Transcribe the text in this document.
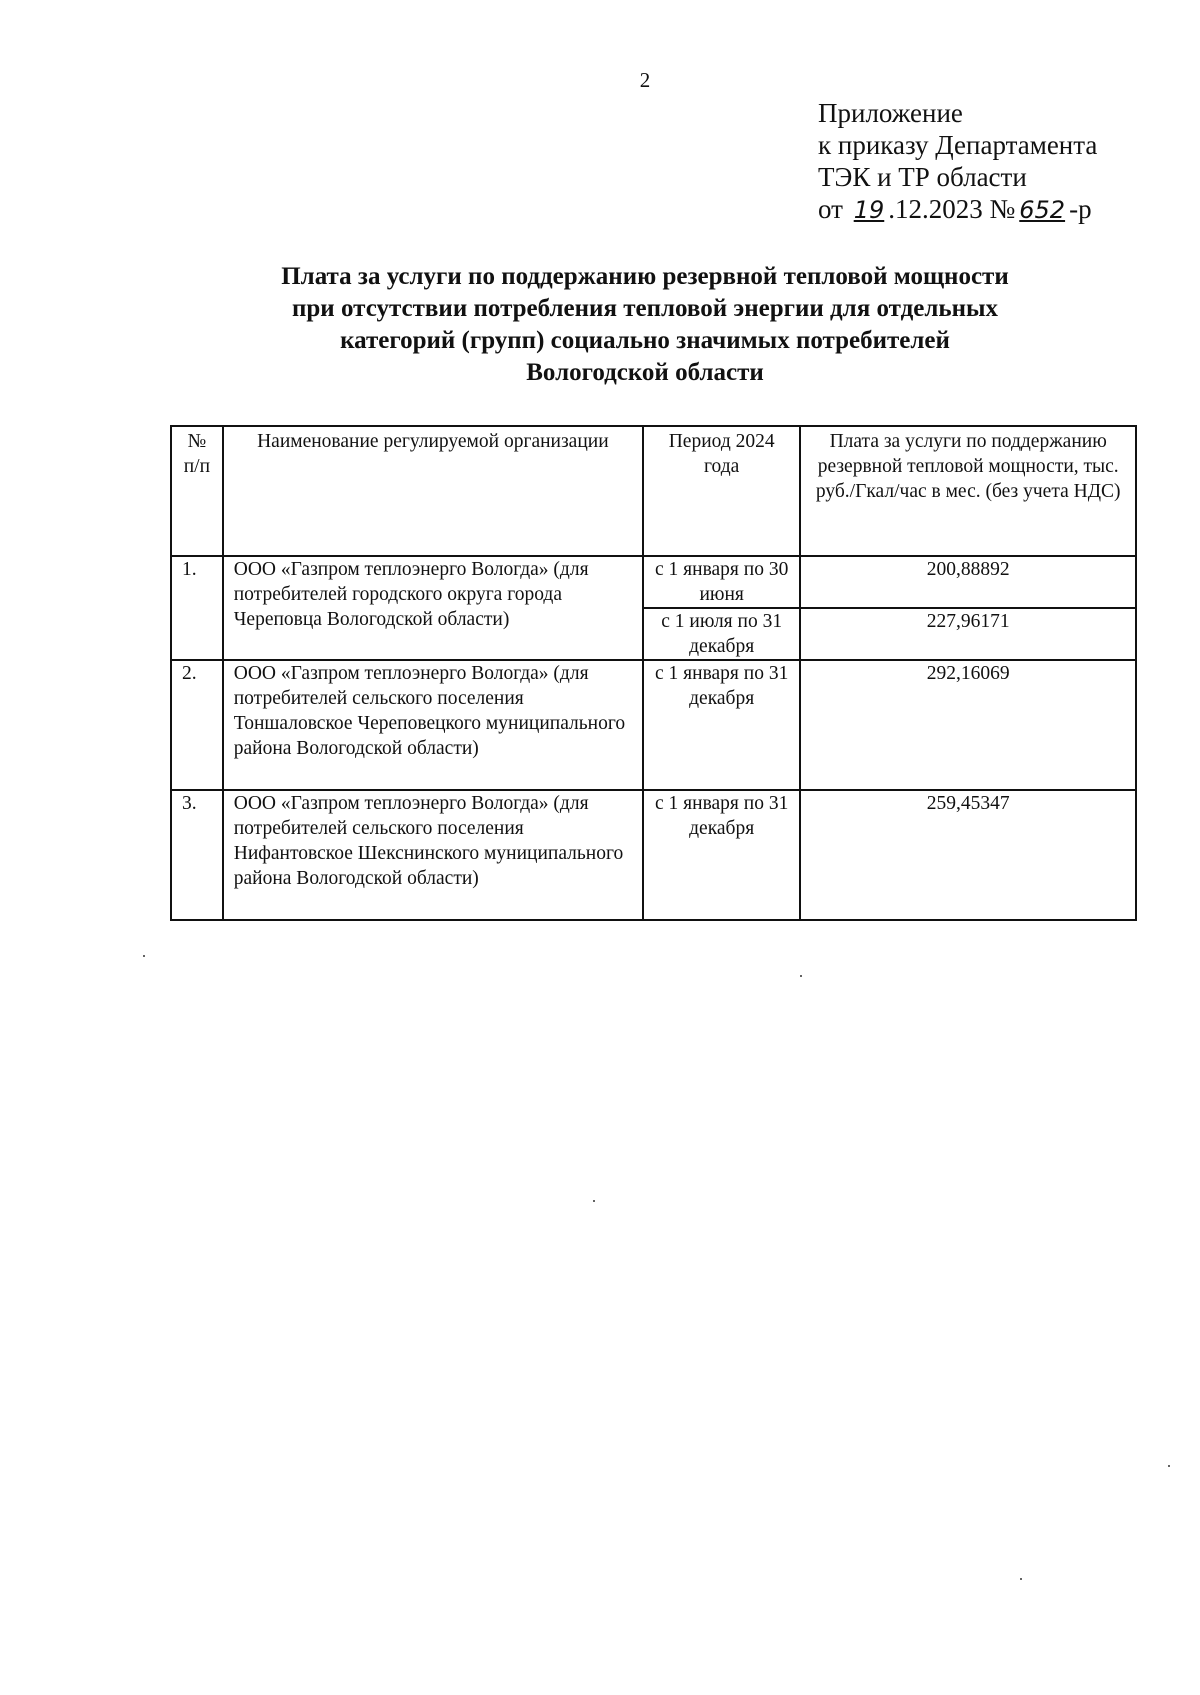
2
Приложение
к приказу Департамента
ТЭК и ТР области
от 19 .12.2023 № 652 -р
Плата за услуги по поддержанию резервной тепловой мощности
при отсутствии потребления тепловой энергии для отдельных
категорий (групп) социально значимых потребителей
Вологодской области
№ п/п	Наименование регулируемой организации	Период 2024 года	Плата за услуги по поддержанию резервной тепловой мощности, тыс. руб./Гкал/час в мес. (без учета НДС)
1.	ООО «Газпром теплоэнерго Вологда» (для потребителей городского округа города Череповца Вологодской области)	с 1 января по 30 июня	200,88892
		с 1 июля по 31 декабря	227,96171
2.	ООО «Газпром теплоэнерго Вологда» (для потребителей сельского поселения Тоншаловское Череповецкого муниципального района Вологодской области)	с 1 января по 31 декабря	292,16069
3.	ООО «Газпром теплоэнерго Вологда» (для потребителей сельского поселения Нифантовское Шекснинского муниципального района Вологодской области)	с 1 января по 31 декабря	259,45347
